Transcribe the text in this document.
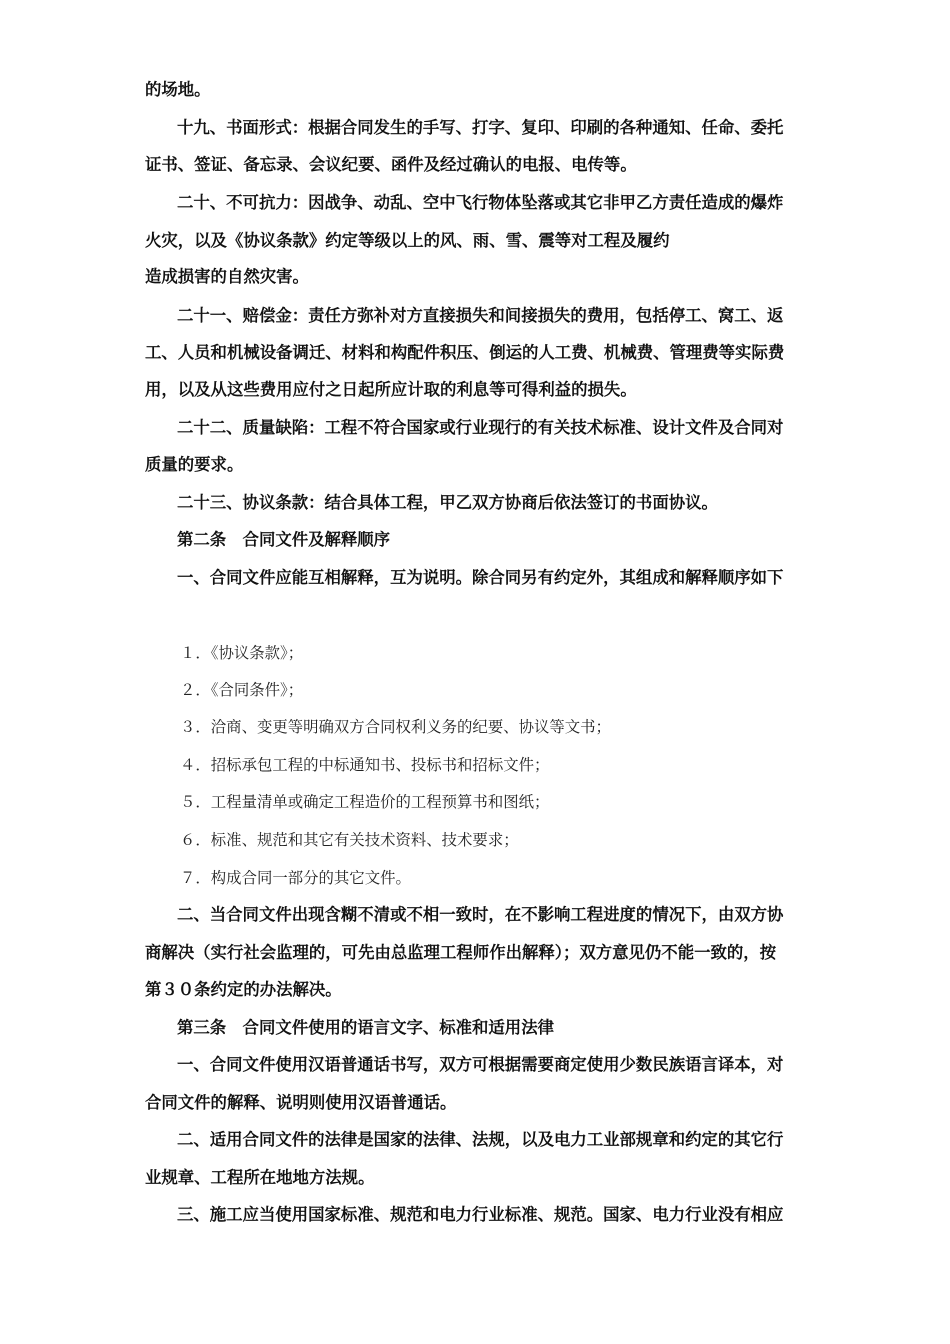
的场地。
十九、书面形式：根据合同发生的手写、打字、复印、印刷的各种通知、任命、委托
证书、签证、备忘录、会议纪要、函件及经过确认的电报、电传等。
二十、不可抗力：因战争、动乱、空中飞行物体坠落或其它非甲乙方责任造成的爆炸
火灾，以及《协议条款》约定等级以上的风、雨、雪、震等对工程及履约
造成损害的自然灾害。
二十一、赔偿金：责任方弥补对方直接损失和间接损失的费用，包括停工、窝工、返
工、人员和机械设备调迁、材料和构配件积压、倒运的人工费、机械费、管理费等实际费
用，以及从这些费用应付之日起所应计取的利息等可得利益的损失。
二十二、质量缺陷：工程不符合国家或行业现行的有关技术标准、设计文件及合同对
质量的要求。
二十三、协议条款：结合具体工程，甲乙双方协商后依法签订的书面协议。
第二条　合同文件及解释顺序
一、合同文件应能互相解释，互为说明。除合同另有约定外，其组成和解释顺序如下
１．《协议条款》；
２．《合同条件》；
３．洽商、变更等明确双方合同权利义务的纪要、协议等文书；
４．招标承包工程的中标通知书、投标书和招标文件；
５．工程量清单或确定工程造价的工程预算书和图纸；
６．标准、规范和其它有关技术资料、技术要求；
７．构成合同一部分的其它文件。
二、当合同文件出现含糊不清或不相一致时，在不影响工程进度的情况下，由双方协
商解决（实行社会监理的，可先由总监理工程师作出解释）；双方意见仍不能一致的，按
第３０条约定的办法解决。
第三条　合同文件使用的语言文字、标准和适用法律
一、合同文件使用汉语普通话书写，双方可根据需要商定使用少数民族语言译本，对
合同文件的解释、说明则使用汉语普通话。
二、适用合同文件的法律是国家的法律、法规，以及电力工业部规章和约定的其它行
业规章、工程所在地地方法规。
三、施工应当使用国家标准、规范和电力行业标准、规范。国家、电力行业没有相应
